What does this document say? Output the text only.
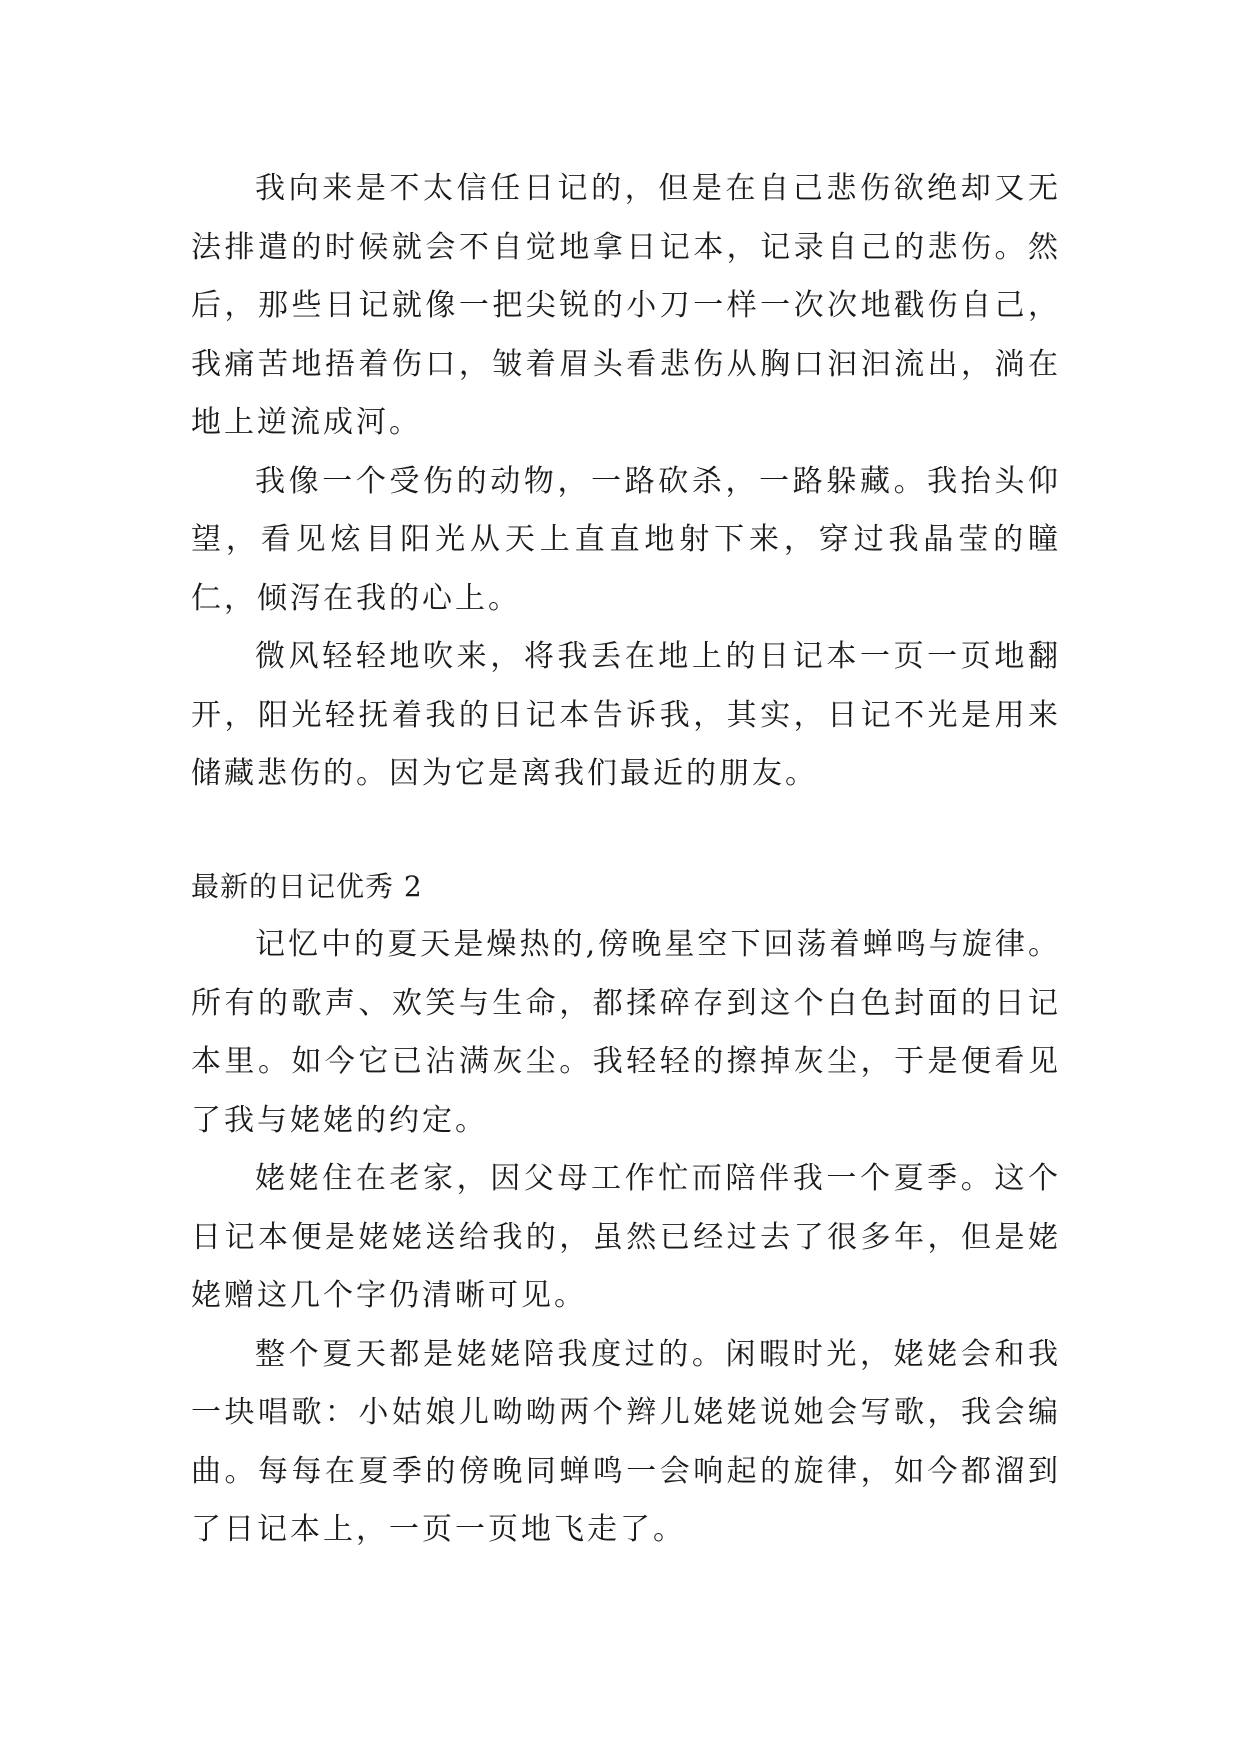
我向来是不太信任日记的，但是在自己悲伤欲绝却又无法排遣的时候就会不自觉地拿日记本，记录自己的悲伤。然后，那些日记就像一把尖锐的小刀一样一次次地戳伤自己，我痛苦地捂着伤口，皱着眉头看悲伤从胸口汩汩流出，淌在地上逆流成河。

我像一个受伤的动物，一路砍杀，一路躲藏。我抬头仰望，看见炫目阳光从天上直直地射下来，穿过我晶莹的瞳仁，倾泻在我的心上。

微风轻轻地吹来，将我丢在地上的日记本一页一页地翻开，阳光轻抚着我的日记本告诉我，其实，日记不光是用来储藏悲伤的。因为它是离我们最近的朋友。

最新的日记优秀 2

记忆中的夏天是燥热的,傍晚星空下回荡着蝉鸣与旋律。所有的歌声、欢笑与生命，都揉碎存到这个白色封面的日记本里。如今它已沾满灰尘。我轻轻的擦掉灰尘，于是便看见了我与姥姥的约定。

姥姥住在老家，因父母工作忙而陪伴我一个夏季。这个日记本便是姥姥送给我的，虽然已经过去了很多年，但是姥姥赠这几个字仍清晰可见。

整个夏天都是姥姥陪我度过的。闲暇时光，姥姥会和我一块唱歌：小姑娘儿呦呦两个辫儿姥姥说她会写歌，我会编曲。每每在夏季的傍晚同蝉鸣一会响起的旋律，如今都溜到了日记本上，一页一页地飞走了。
